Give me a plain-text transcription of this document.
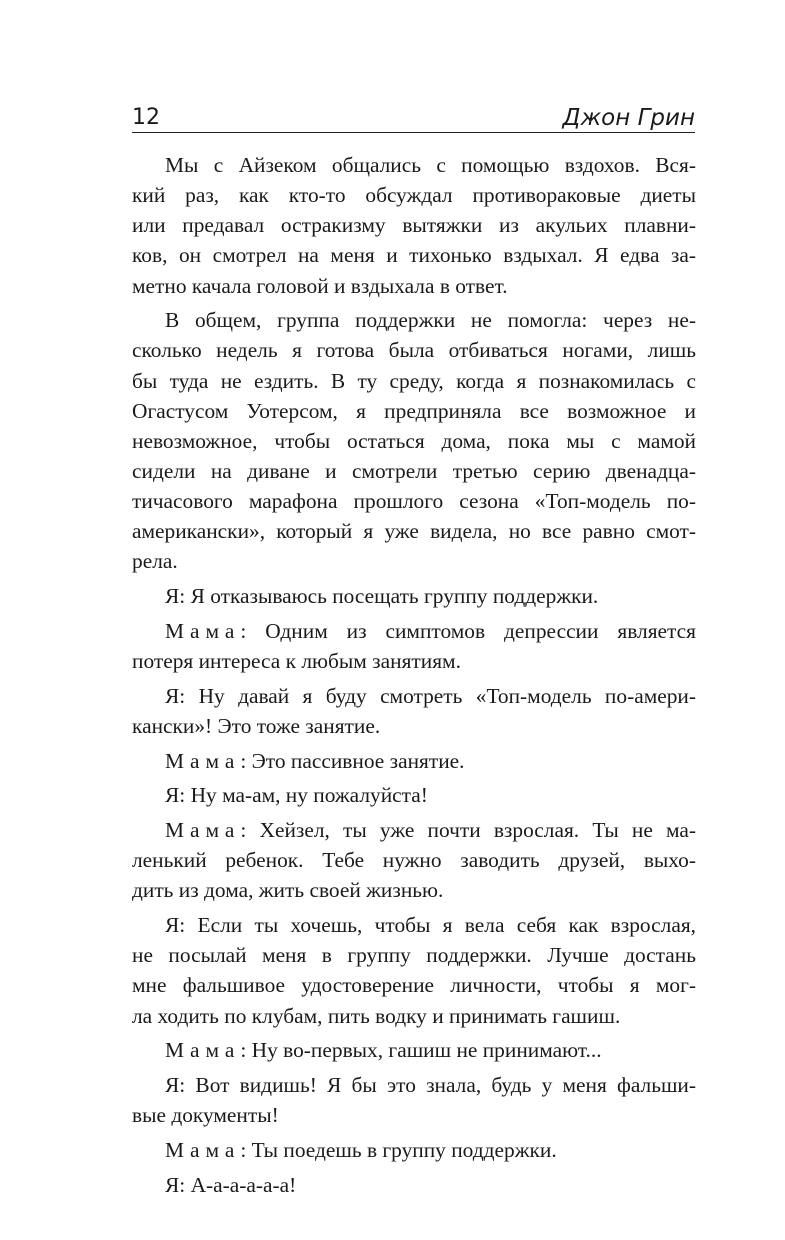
12	Джон Грин
Мы с Айзеком общались с помощью вздохов. Вся-
кий раз, как кто-то обсуждал противораковые диеты
или предавал остракизму вытяжки из акульих плавни-
ков, он смотрел на меня и тихонько вздыхал. Я едва за-
метно качала головой и вздыхала в ответ.
В общем, группа поддержки не помогла: через не-
сколько недель я готова была отбиваться ногами, лишь
бы туда не ездить. В ту среду, когда я познакомилась с
Огастусом Уотерсом, я предприняла все возможное и
невозможное, чтобы остаться дома, пока мы с мамой
сидели на диване и смотрели третью серию двенадца-
тичасового марафона прошлого сезона «Топ-модель по-
американски», который я уже видела, но все равно смот-
рела.
Я: Я отказываюсь посещать группу поддержки.
Мама: Одним из симптомов депрессии является
потеря интереса к любым занятиям.
Я: Ну давай я буду смотреть «Топ-модель по-амери-
кански»! Это тоже занятие.
Мама: Это пассивное занятие.
Я: Ну ма-ам, ну пожалуйста!
Мама: Хейзел, ты уже почти взрослая. Ты не ма-
ленький ребенок. Тебе нужно заводить друзей, выхо-
дить из дома, жить своей жизнью.
Я: Если ты хочешь, чтобы я вела себя как взрослая,
не посылай меня в группу поддержки. Лучше достань
мне фальшивое удостоверение личности, чтобы я мог-
ла ходить по клубам, пить водку и принимать гашиш.
Мама: Ну во-первых, гашиш не принимают...
Я: Вот видишь! Я бы это знала, будь у меня фальши-
вые документы!
Мама: Ты поедешь в группу поддержки.
Я: А-а-а-а-а-а!
